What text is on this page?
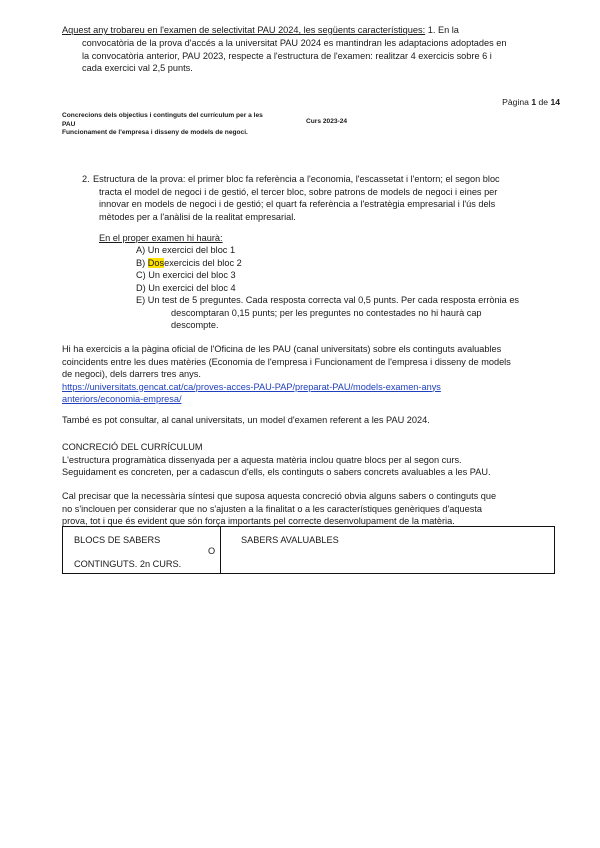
Aquest any trobareu en l'examen de selectivitat PAU 2024, les següents característiques: 1. En la
convocatòria de la prova d'accés a la universitat PAU 2024 es mantindran les adaptacions adoptades en
la convocatòria anterior, PAU 2023, respecte a l'estructura de l'examen: realitzar 4 exercicis sobre 6 i
cada exercici val 2,5 punts.
Pàgina 1 de 14
Concrecions dels objectius i continguts del currículum per a les
PAU
Funcionament de l'empresa i disseny de models de negoci.
Curs 2023-24
2. Estructura de la prova: el primer bloc fa referència a l'economia, l'escassetat i l'entorn; el segon bloc
tracta el model de negoci i de gestió, el tercer bloc, sobre patrons de models de negoci i eines per
innovar en models de negoci i de gestió; el quart fa referència a l'estratègia empresarial i l'ús dels
mètodes per a l'anàlisi de la realitat empresarial.
En el proper examen hi haurà:
A) Un exercici del bloc 1
B) Dosexercicis del bloc 2
C) Un exercici del bloc 3
D) Un exercici del bloc 4
E) Un test de 5 preguntes. Cada resposta correcta val 0,5 punts. Per cada resposta errònia es
descomptaran 0,15 punts; per les preguntes no contestades no hi haurà cap
descompte.
Hi ha exercicis a la pàgina oficial de l'Oficina de les PAU (canal universitats) sobre els continguts avaluables
coincidents entre les dues matèries (Economia de l'empresa i Funcionament de l'empresa i disseny de models
de negoci), dels darrers tres anys.
https://universitats.gencat.cat/ca/proves-acces-PAU-PAP/preparat-PAU/models-examen-anys
anteriors/economia-empresa/
També es pot consultar, al canal universitats, un model d'examen referent a les PAU 2024.
CONCRECIÓ DEL CURRÍCULUM
L'estructura programàtica dissenyada per a aquesta matèria inclou quatre blocs per al segon curs.
Seguidament es concreten, per a cadascun d'ells, els continguts o sabers concrets avaluables a les PAU.
Cal precisar que la necessària síntesi que suposa aquesta concreció obvia alguns sabers o continguts que
no s'inclouen per considerar que no s'ajusten a la finalitat o a les característiques genèriques d'aquesta
prova, tot i que és evident que són força importants pel correcte desenvolupament de la matèria.
BLOCS DE SABERS
O
CONTINGUTS. 2n CURS.
SABERS AVALUABLES
